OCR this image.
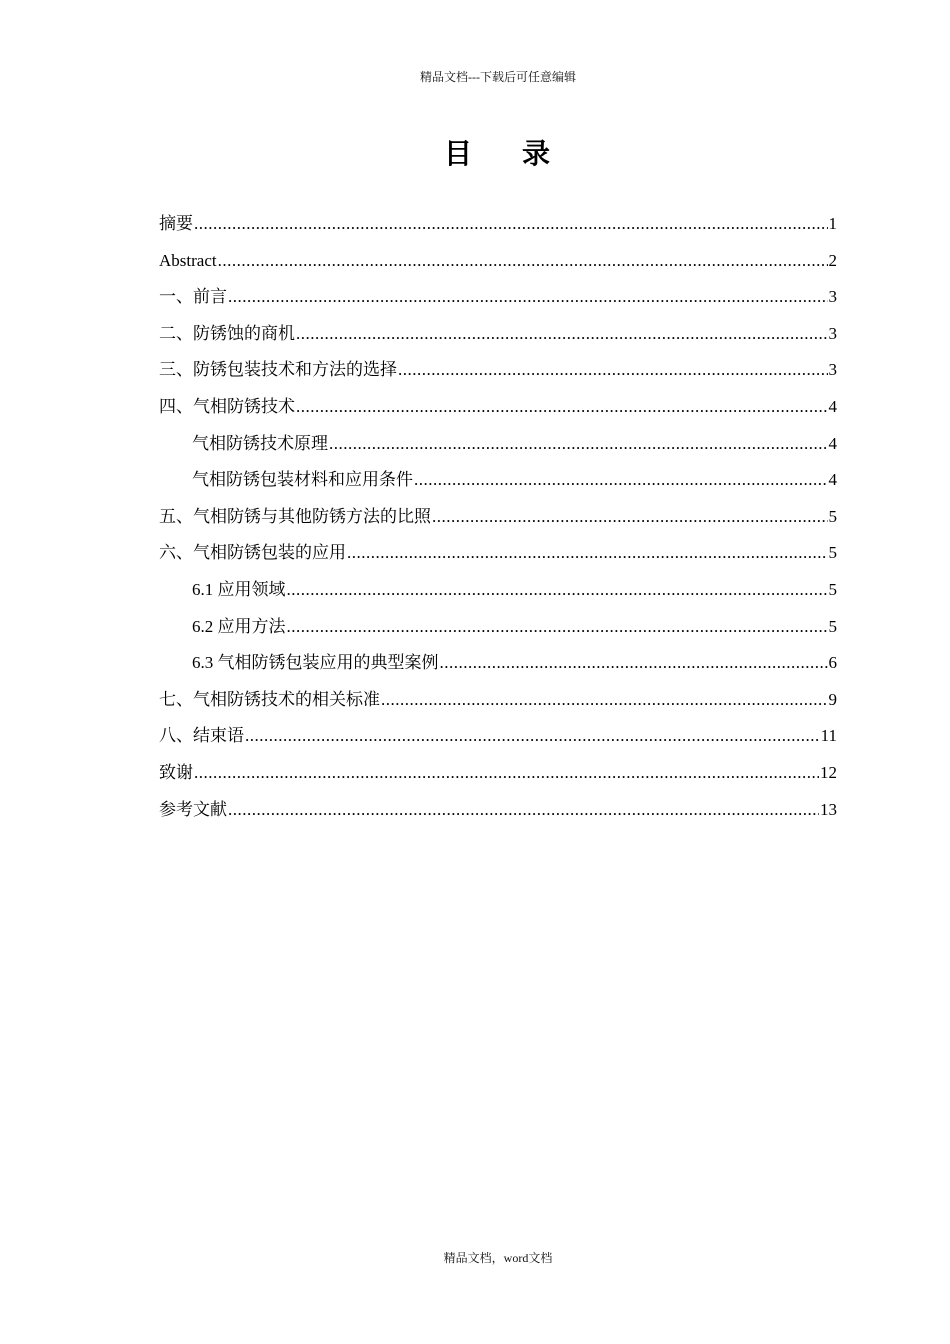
精品文档---下载后可任意编辑
目 录
摘要 .....	1
Abstract .....	2
一、前言 .....	3
二、防锈蚀的商机 .....	3
三、防锈包装技术和方法的选择 .....	3
四、气相防锈技术 .....	4
气相防锈技术原理 .....	4
气相防锈包装材料和应用条件 .....	4
五、气相防锈与其他防锈方法的比照 .....	5
六、气相防锈包装的应用 .....	5
6.1 应用领域 .....	5
6.2 应用方法 .....	5
6.3 气相防锈包装应用的典型案例 .....	6
七、气相防锈技术的相关标准 .....	9
八、结束语 .....	11
致谢 .....	12
参考文献 .....	13
精品文档，word文档
